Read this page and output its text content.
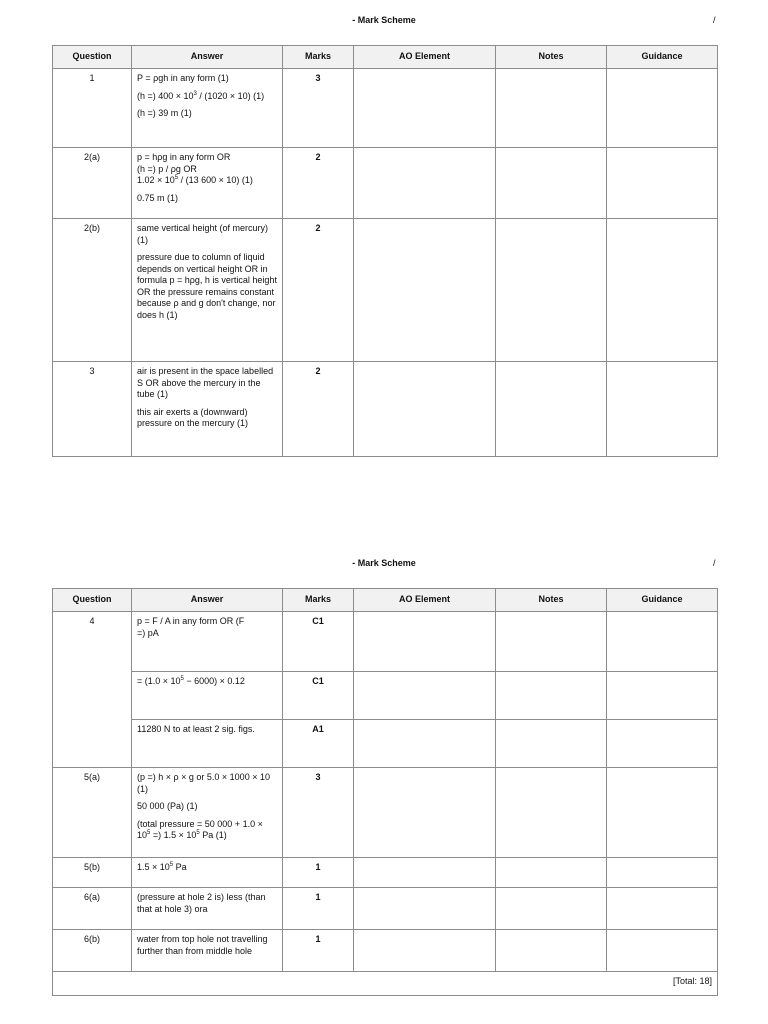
- Mark Scheme	/
Question	Answer	Marks	AO Element	Notes	Guidance
1	P = ρgh in any form (1)

(h =) $400 \times 10^3 / (1020 \times 10)$ (1)

(h =) 39 m (1)	3			
2(a)	p = hρg in any form OR

(h =) p / ρg OR

$1.02 \times 10^5 / (13$ 600 × 10) (1)

0.75 m (1)	2			
2(b)	same vertical height (of mercury) (1)

pressure due to column of liquid depends on vertical height OR in formula p = hρg, h is vertical height OR the pressure remains constant because ρ and g don't change, nor does h (1)	2			
3	air is present in the space labelled S OR above the mercury in the tube (1)

this air exerts a (downward) pressure on the mercury (1)	2			
- Mark Scheme	/
Question	Answer	Marks	AO Element	Notes	Guidance
4	p = F / A in any form OR (F =) pA	C1			

	= $(1.0 \times 10^5 - 6000) \times 0.12$	C1			
	11280 N to at least 2 sig. figs.	A1			
5(a)	(p =) h × ρ × g or 5.0 × 1000 × 10 (1)

50 000 (Pa) (1)

(total pressure = 50 $000 + 1.0 \times 10^5$ =) $1.5 \times 10^5$ Pa (1)	3			
5(b)	$1.5 \times 10^5$ Pa	1			
6(a)	(pressure at hole 2 is) less (than that at hole 3) ora	1			
6(b)	water from top hole not travelling further than from middle hole	1			
[Total: 18]					
